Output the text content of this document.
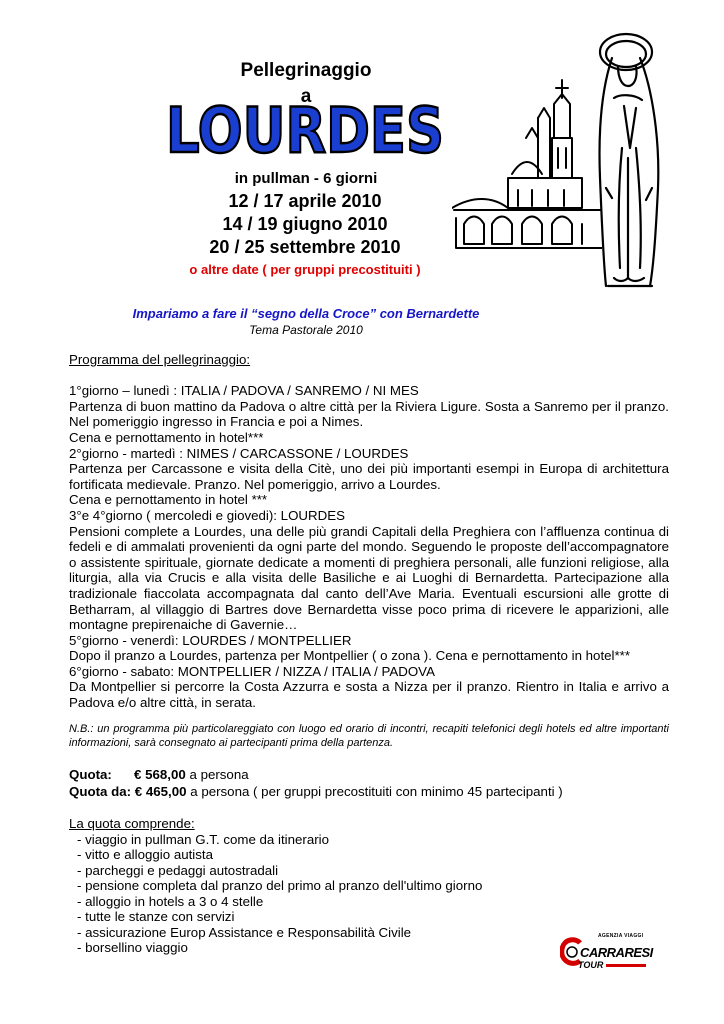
Pellegrinaggio
a
LOURDES
in pullman - 6 giorni
12 / 17 aprile 2010
14 / 19 giugno 2010
20 / 25 settembre 2010
o altre date ( per gruppi precostituiti )
Impariamo a fare il “segno della Croce” con Bernardette
Tema Pastorale 2010

Programma del pellegrinaggio:

1°giorno – lunedì : ITALIA / PADOVA / SANREMO / NI MES

Partenza di buon mattino da Padova o altre città per la Riviera Ligure. Sosta a Sanremo per il pranzo. Nel pomeriggio ingresso in Francia e poi a Nimes.

Cena e pernottamento in hotel***

2°giorno - martedì : NIMES / CARCASSONE / LOURDES

Partenza per Carcassone e visita della Citè, uno dei più importanti esempi in Europa di architettura fortificata medievale. Pranzo. Nel pomeriggio, arrivo a Lourdes.

Cena e pernottamento in hotel ***

3°e 4°giorno ( mercoledi e giovedi): LOURDES

Pensioni complete a Lourdes, una delle più grandi Capitali della Preghiera con l’affluenza continua di fedeli e di ammalati provenienti da ogni parte del mondo. Seguendo le proposte dell’accompagnatore o assistente spirituale, giornate dedicate a momenti di preghiera personali, alle funzioni religiose, alla liturgia, alla via Crucis e alla visita delle Basiliche e ai Luoghi di Bernardetta. Partecipazione alla tradizionale fiaccolata accompagnata dal canto dell’Ave Maria. Eventuali escursioni alle grotte di Betharram, al villaggio di Bartres dove Bernardetta visse poco prima di ricevere le apparizioni, alle montagne prepirenaiche di Gavernie…

5°giorno - venerdì: LOURDES / MONTPELLIER

Dopo il pranzo a Lourdes, partenza per Montpellier ( o zona ). Cena e pernottamento in hotel***

6°giorno - sabato: MONTPELLIER / NIZZA / ITALIA / PADOVA

Da Montpellier si percorre la Costa Azzurra e sosta a Nizza per il pranzo. Rientro in Italia e arrivo a Padova e/o altre città, in serata.

N.B.: un programma più particolareggiato con luogo ed orario di incontri, recapiti telefonici degli hotels ed altre importanti informazioni, sarà consegnato ai partecipanti prima della partenza.
Quota: € 568,00 a persona
Quota da: € 465,00 a persona ( per gruppi precostituiti con minimo 45 partecipanti )
La quota comprende:
- viaggio in pullman G.T. come da itinerario
- vitto e alloggio autista
- parcheggi e pedaggi autostradali
- pensione completa dal pranzo del primo al pranzo dell'ultimo giorno
- alloggio in hotels a 3 o 4 stelle
- tutte le stanze con servizi
- assicurazione Europ Assistance e Responsabilità Civile
- borsellino viaggio
AGENZIA VIAGGI
CARRARESI
TOUR
